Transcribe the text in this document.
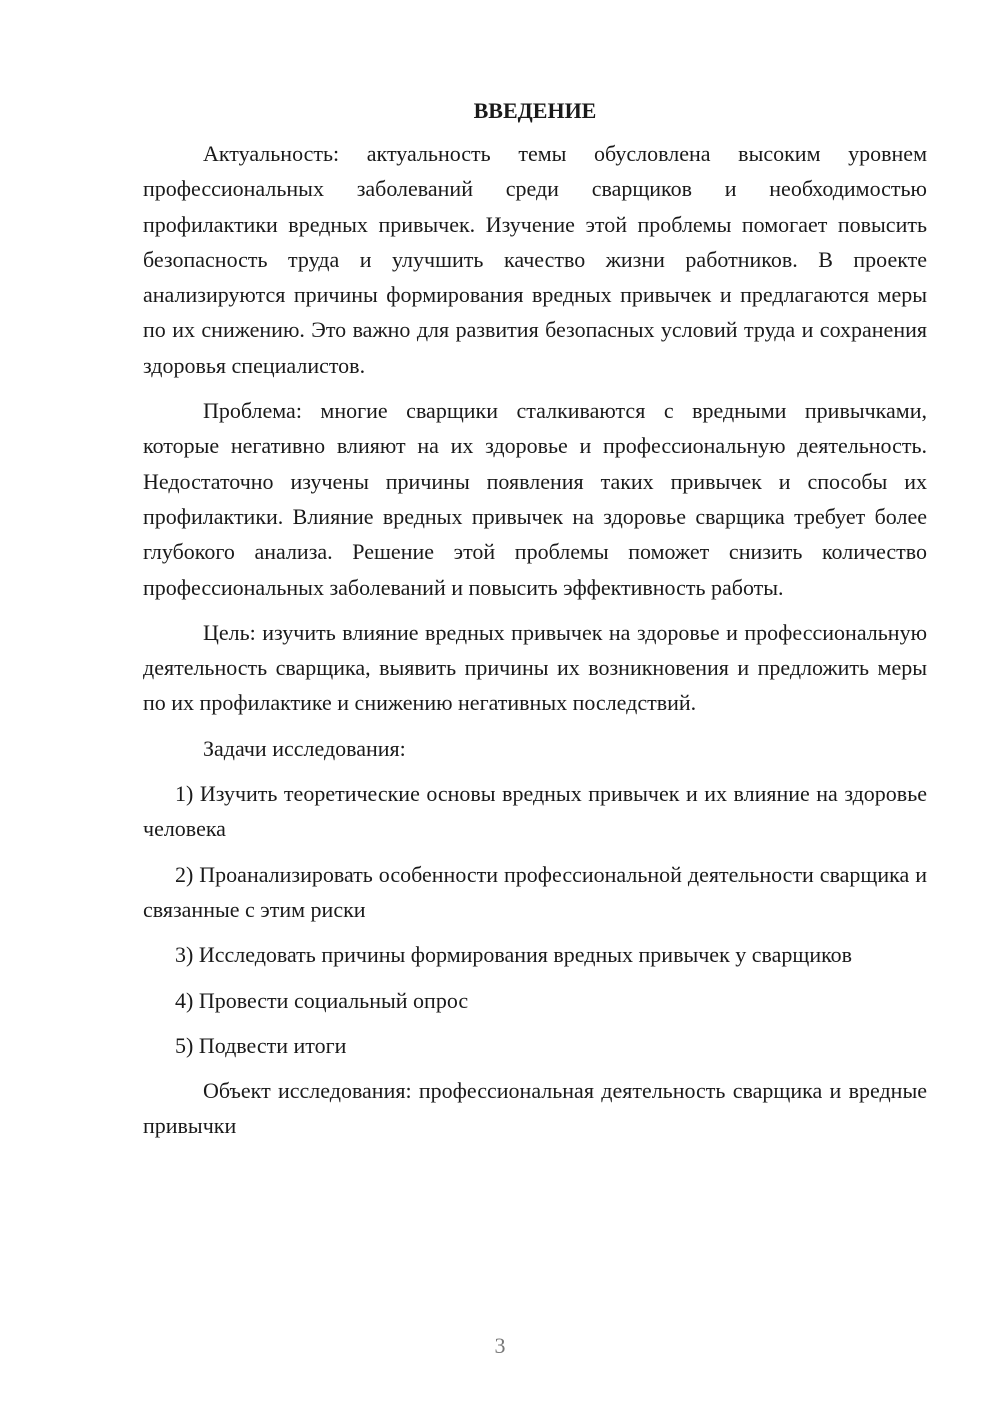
ВВЕДЕНИЕ

Актуальность: актуальность темы обусловлена высоким уровнем профессиональных заболеваний среди сварщиков и необходимостью профилактики вредных привычек. Изучение этой проблемы помогает повысить безопасность труда и улучшить качество жизни работников. В проекте анализируются причины формирования вредных привычек и предлагаются меры по их снижению. Это важно для развития безопасных условий труда и сохранения здоровья специалистов.

Проблема: многие сварщики сталкиваются с вредными привычками, которые негативно влияют на их здоровье и профессиональную деятельность. Недостаточно изучены причины появления таких привычек и способы их профилактики. Влияние вредных привычек на здоровье сварщика требует более глубокого анализа. Решение этой проблемы поможет снизить количество профессиональных заболеваний и повысить эффективность работы.

Цель: изучить влияние вредных привычек на здоровье и профессиональную деятельность сварщика, выявить причины их возникновения и предложить меры по их профилактике и снижению негативных последствий.

Задачи исследования:

1) Изучить теоретические основы вредных привычек и их влияние на здоровье человека

2) Проанализировать особенности профессиональной деятельности сварщика и связанные с этим риски

3) Исследовать причины формирования вредных привычек у сварщиков

4) Провести социальный опрос

5) Подвести итоги

Объект исследования: профессиональная деятельность сварщика и вредные привычки

3
